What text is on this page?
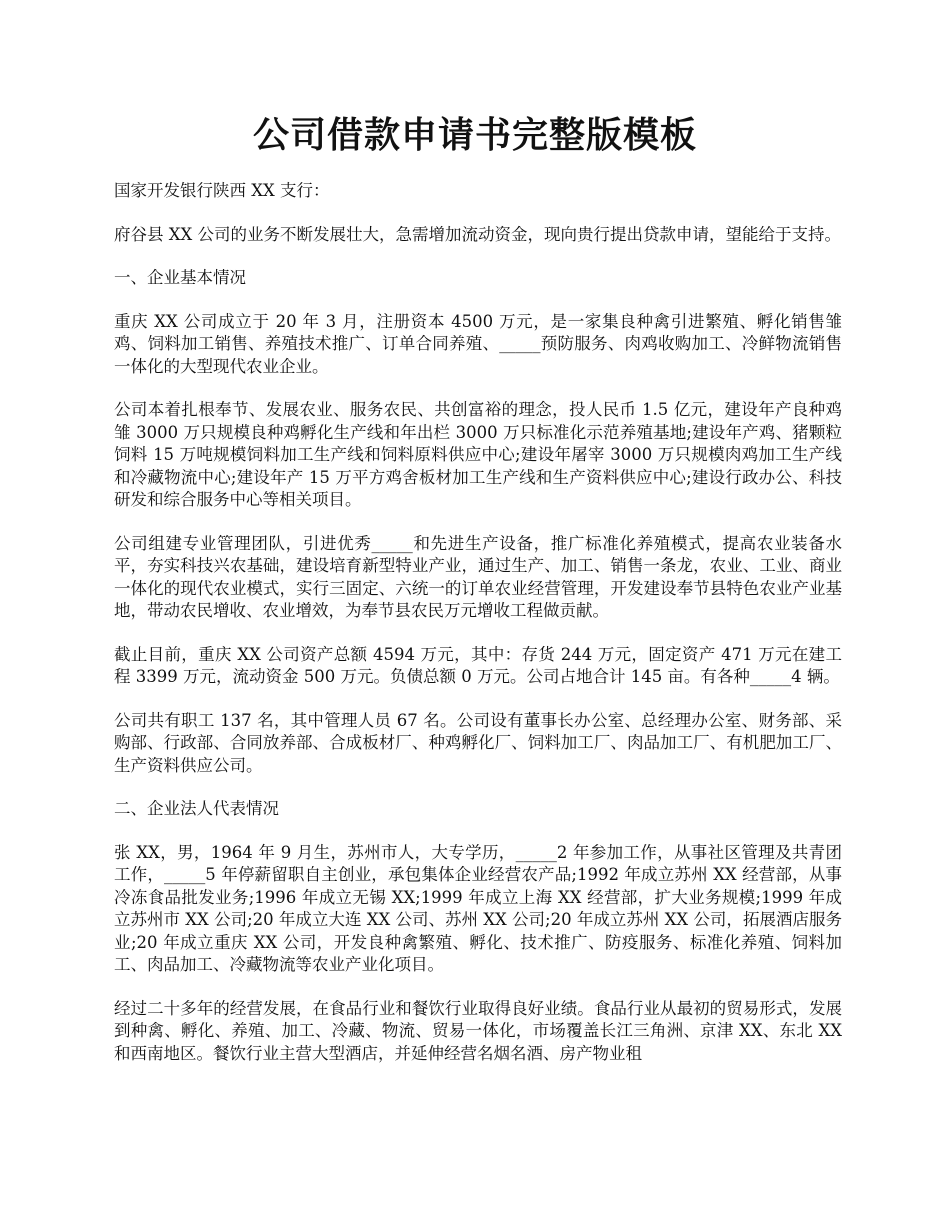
公司借款申请书完整版模板

国家开发银行陕西 XX 支行：

府谷县 XX 公司的业务不断发展壮大，急需增加流动资金，现向贵行提出贷款申请，望能给于支持。

一、企业基本情况

重庆 XX 公司成立于 20 年 3 月，注册资本 4500 万元，是一家集良种禽引进繁殖、孵化销售雏鸡、饲料加工销售、养殖技术推广、订单合同养殖、_____预防服务、肉鸡收购加工、冷鲜物流销售一体化的大型现代农业企业。

公司本着扎根奉节、发展农业、服务农民、共创富裕的理念，投人民币 1.5 亿元，建设年产良种鸡雏 3000 万只规模良种鸡孵化生产线和年出栏 3000 万只标准化示范养殖基地;建设年产鸡、猪颗粒饲料 15 万吨规模饲料加工生产线和饲料原料供应中心;建设年屠宰 3000 万只规模肉鸡加工生产线和冷藏物流中心;建设年产 15 万平方鸡舍板材加工生产线和生产资料供应中心;建设行政办公、科技研发和综合服务中心等相关项目。

公司组建专业管理团队，引进优秀_____和先进生产设备，推广标准化养殖模式，提高农业装备水平，夯实科技兴农基础，建设培育新型特业产业，通过生产、加工、销售一条龙，农业、工业、商业一体化的现代农业模式，实行三固定、六统一的订单农业经营管理，开发建设奉节县特色农业产业基地，带动农民增收、农业增效，为奉节县农民万元增收工程做贡献。

截止目前，重庆 XX 公司资产总额 4594 万元，其中：存货 244 万元，固定资产 471 万元在建工程 3399 万元，流动资金 500 万元。负债总额 0 万元。公司占地合计 145 亩。有各种_____4 辆。

公司共有职工 137 名，其中管理人员 67 名。公司设有董事长办公室、总经理办公室、财务部、采购部、行政部、合同放养部、合成板材厂、种鸡孵化厂、饲料加工厂、肉品加工厂、有机肥加工厂、生产资料供应公司。

二、企业法人代表情况

张 XX，男，1964 年 9 月生，苏州市人，大专学历，_____2 年参加工作，从事社区管理及共青团工作，_____5 年停薪留职自主创业，承包集体企业经营农产品;1992 年成立苏州 XX 经营部，从事冷冻食品批发业务;1996 年成立无锡 XX;1999 年成立上海 XX 经营部，扩大业务规模;1999 年成立苏州市 XX 公司;20 年成立大连 XX 公司、苏州 XX 公司;20 年成立苏州 XX 公司，拓展酒店服务业;20 年成立重庆 XX 公司，开发良种禽繁殖、孵化、技术推广、防疫服务、标准化养殖、饲料加工、肉品加工、冷藏物流等农业产业化项目。

经过二十多年的经营发展，在食品行业和餐饮行业取得良好业绩。食品行业从最初的贸易形式，发展到种禽、孵化、养殖、加工、冷藏、物流、贸易一体化，市场覆盖长江三角洲、京津 XX、东北 XX 和西南地区。餐饮行业主营大型酒店，并延伸经营名烟名酒、房产物业租
